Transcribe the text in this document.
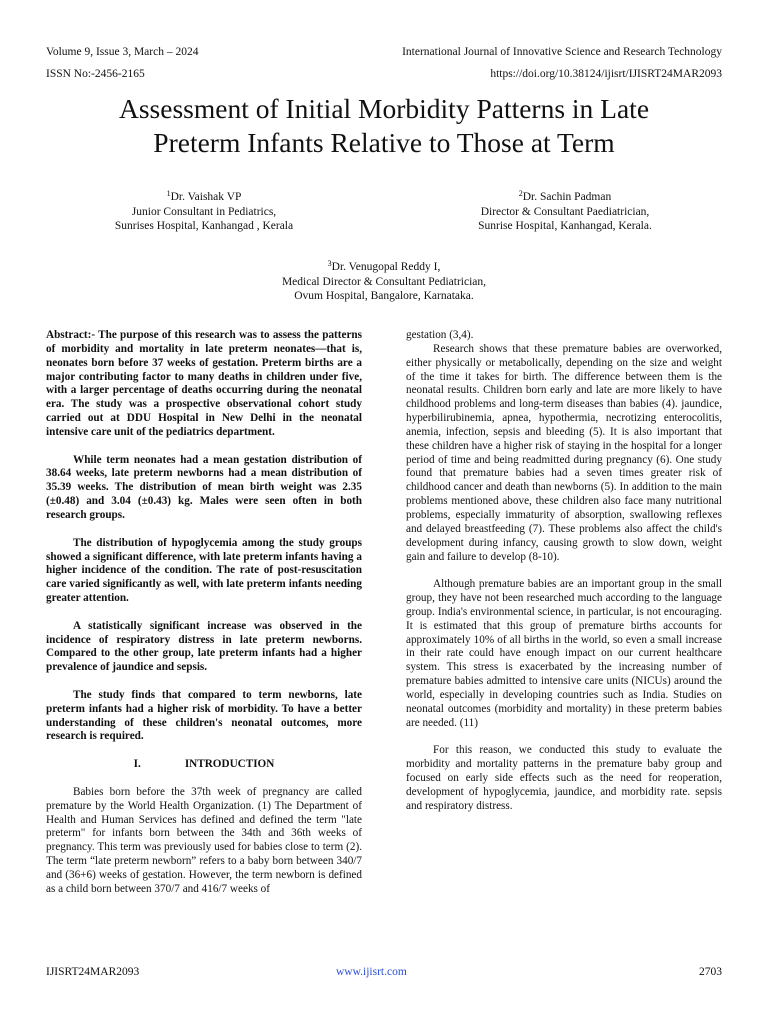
Volume 9, Issue 3, March – 2024	International Journal of Innovative Science and Research Technology
ISSN No:-2456-2165	https://doi.org/10.38124/ijisrt/IJISRT24MAR2093
Assessment of Initial Morbidity Patterns in Late
Preterm Infants Relative to Those at Term
$^1$Dr. Vaishak VP
Junior Consultant in Pediatrics,
Sunrises Hospital, Kanhangad , Kerala
$^2$Dr. Sachin Padman
Director & Consultant Paediatrician,
Sunrise Hospital, Kanhangad, Kerala.
$^3$Dr. Venugopal Reddy I,
Medical Director & Consultant Pediatrician,
Ovum Hospital, Bangalore, Karnataka.

Abstract:- The purpose of this research was to assess the patterns of morbidity and mortality in late preterm neonates—that is, neonates born before 37 weeks of gestation. Preterm births are a major contributing factor to many deaths in children under five, with a larger percentage of deaths occurring during the neonatal era. The study was a prospective observational cohort study carried out at DDU Hospital in New Delhi in the neonatal intensive care unit of the pediatrics department.

While term neonates had a mean gestation distribution of 38.64 weeks, late preterm newborns had a mean distribution of 35.39 weeks. The distribution of mean birth weight was 2.35 (±0.48) and 3.04 (±0.43) kg. Males were seen often in both research groups.

The distribution of hypoglycemia among the study groups showed a significant difference, with late preterm infants having a higher incidence of the condition. The rate of post-resuscitation care varied significantly as well, with late preterm infants needing greater attention.

A statistically significant increase was observed in the incidence of respiratory distress in late preterm newborns. Compared to the other group, late preterm infants had a higher prevalence of jaundice and sepsis.

The study finds that compared to term newborns, late preterm infants had a higher risk of morbidity. To have a better understanding of these children's neonatal outcomes, more research is required.

I.	INTRODUCTION

Babies born before the 37th week of pregnancy are called premature by the World Health Organization. (1) The Department of Health and Human Services has defined and defined the term "late preterm" for infants born between the 34th and 36th weeks of pregnancy. This term was previously used for babies close to term (2). The term “late preterm newborn” refers to a baby born between 340/7 and (36+6) weeks of gestation. However, the term newborn is defined as a child born between 370/7 and 416/7 weeks of

gestation (3,4).

Research shows that these premature babies are overworked, either physically or metabolically, depending on the size and weight of the time it takes for birth. The difference between them is the neonatal results. Children born early and late are more likely to have childhood problems and long-term diseases than babies (4). jaundice, hyperbilirubinemia, apnea, hypothermia, necrotizing enterocolitis, anemia, infection, sepsis and bleeding (5). It is also important that these children have a higher risk of staying in the hospital for a longer period of time and being readmitted during pregnancy (6). One study found that premature babies had a seven times greater risk of childhood cancer and death than newborns (5). In addition to the main problems mentioned above, these children also face many nutritional problems, especially immaturity of absorption, swallowing reflexes and delayed breastfeeding (7). These problems also affect the child's development during infancy, causing growth to slow down, weight gain and failure to develop (8-10).

Although premature babies are an important group in the small group, they have not been researched much according to the language group. India's environmental science, in particular, is not encouraging. It is estimated that this group of premature births accounts for approximately 10% of all births in the world, so even a small increase in their rate could have enough impact on our current healthcare system. This stress is exacerbated by the increasing number of premature babies admitted to intensive care units (NICUs) around the world, especially in developing countries such as India. Studies on neonatal outcomes (morbidity and mortality) in these preterm babies are needed. (11)

For this reason, we conducted this study to evaluate the morbidity and mortality patterns in the premature baby group and focused on early side effects such as the need for reoperation, development of hypoglycemia, jaundice, and morbidity rate. sepsis and respiratory distress.

IJISRT24MAR2093	www.ijisrt.com	2703
